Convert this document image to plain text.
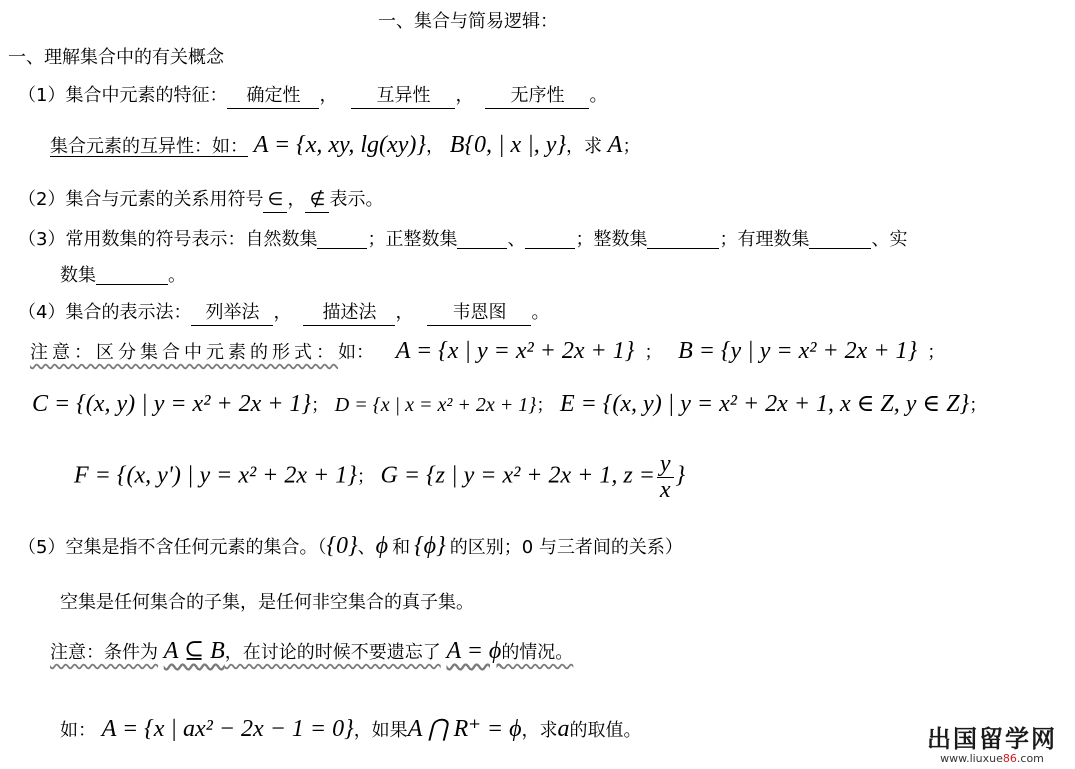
一、集合与简易逻辑：
一、理解集合中的有关概念
（1）集合中元素的特征： 确定性 ， 互异性 ， 无序性 。
集合元素的互异性：如： A = {x, xy, lg(xy)}， B{0, | x |, y}，求 A；
（2）集合与元素的关系用符号 ∈ ， ∉ 表示。
（3）常用数集的符号表示：自然数集	；正整数集	、	；整数集	；有理数集	、实
数集	。
（4）集合的表示法： 列举法 ， 描述法 ， 韦恩图 。
注意：区分集合中元素的形式：如： A = {x | y = x² + 2x + 1} ； B = {y | y = x² + 2x + 1} ；
C = {(x, y) | y = x² + 2x + 1}； D = {x | x = x² + 2x + 1}； E = {(x, y) | y = x² + 2x + 1, x ∈ Z, y ∈ Z}；
F = {(x, y') | y = x² + 2x + 1}； G = {z | y = x² + 2x + 1, $z = \frac{y}{x}$ }
（5）空集是指不含任何元素的集合。（{0}、ϕ 和 {ϕ} 的区别；0 与三者间的关系）
空集是任何集合的子集，是任何非空集合的真子集。
注意：条件为 A ⊆ B，在讨论的时候不要遗忘了 A = ϕ的情况。
如： A = {x | ax² − 2x − 1 = 0}，如果A ⋂ R⁺ = ϕ，求a的取值。	出国留学网
www.liuxue86.com
